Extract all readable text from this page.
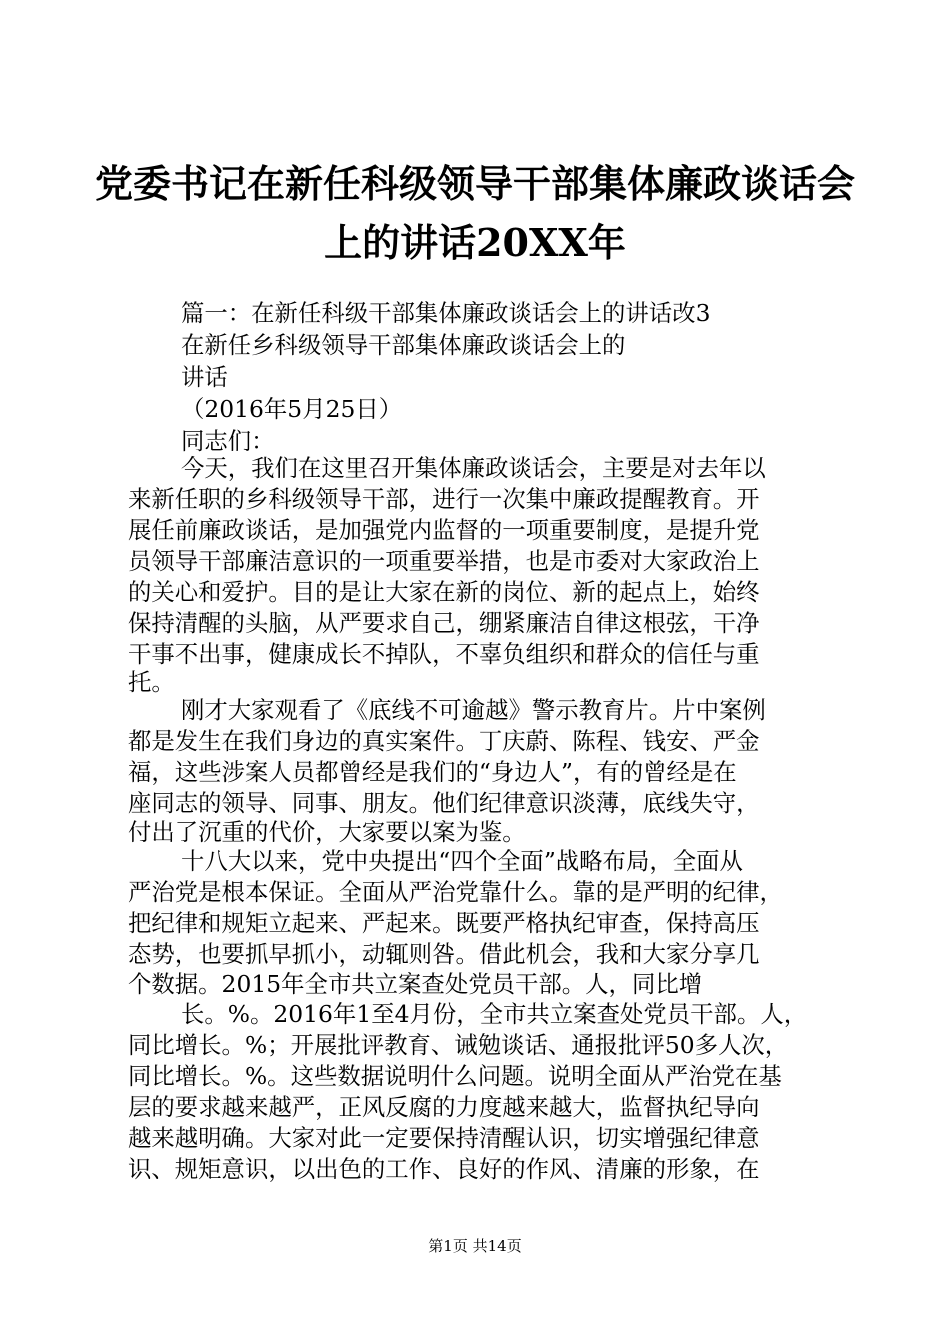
党委书记在新任科级领导干部集体廉政谈话会
上的讲话20XX年
篇一：在新任科级干部集体廉政谈话会上的讲话改3
在新任乡科级领导干部集体廉政谈话会上的
讲话
（2016年5月25日）
同志们：
今天，我们在这里召开集体廉政谈话会，主要是对去年以
来新任职的乡科级领导干部，进行一次集中廉政提醒教育。开
展任前廉政谈话，是加强党内监督的一项重要制度，是提升党
员领导干部廉洁意识的一项重要举措，也是市委对大家政治上
的关心和爱护。目的是让大家在新的岗位、新的起点上，始终
保持清醒的头脑，从严要求自己，绷紧廉洁自律这根弦，干净
干事不出事，健康成长不掉队，不辜负组织和群众的信任与重
托。
刚才大家观看了《底线不可逾越》警示教育片。片中案例
都是发生在我们身边的真实案件。丁庆蔚、陈程、钱安、严金
福，这些涉案人员都曾经是我们的“身边人”，有的曾经是在
座同志的领导、同事、朋友。他们纪律意识淡薄，底线失守，
付出了沉重的代价，大家要以案为鉴。
十八大以来，党中央提出“四个全面”战略布局，全面从
严治党是根本保证。全面从严治党靠什么。靠的是严明的纪律，
把纪律和规矩立起来、严起来。既要严格执纪审查，保持高压
态势，也要抓早抓小，动辄则咎。借此机会，我和大家分享几
个数据。2015年全市共立案查处党员干部。人，同比增
长。%。2016年1至4月份，全市共立案查处党员干部。人，
同比增长。%；开展批评教育、诫勉谈话、通报批评50多人次，
同比增长。%。这些数据说明什么问题。说明全面从严治党在基
层的要求越来越严，正风反腐的力度越来越大，监督执纪导向
越来越明确。大家对此一定要保持清醒认识，切实增强纪律意
识、规矩意识，以出色的工作、良好的作风、清廉的形象，在
第1页 共14页
